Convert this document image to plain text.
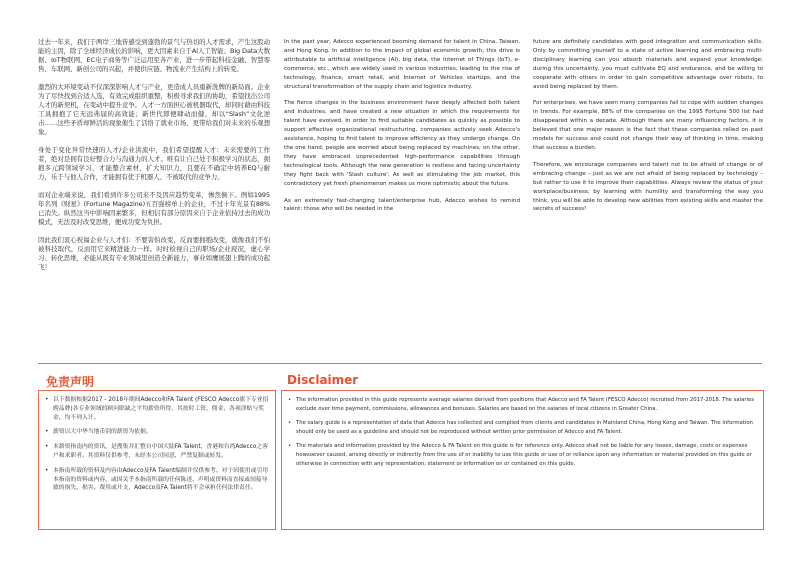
过去一年来，我们于两岸三地皆感受到蓬勃的景气与热切的人才需求，产生这股动能的主因，除了全球经济成长的影响，更大因素来自于AI人工智能、Big Data大数据、IoT物联网、EC电子商务等广泛运用至各产业，进一步带起科技金融、智慧零售、车联网、新创公司的兴起，并使供应链、物流业产生结构上的转变。

激烈的大环境变动不仅深深影响人才与产业，更造成人员重新洗牌的新局面。企业为了尽快找到合适人选，有效完成组织重整，积极寻求我们的协助，希望找出公司人才的新契机，在变动中提升竞争。人才一方面担心被机器取代，却同时藉由科技工具拥抱了它无远弗届的高效能；新世代即便肆动而健，却以“Slash”文化逆击……这些矛盾却鲜活的现象催生了活络了就业市场，更带给我们对未来的乐观想象。

身处于变化异常快速的人才/企业洪流中，我们希望提醒人才：未来需要的工作者，绝对是拥有良好整合力与沟通力的人才。唯有让自己处于积极学习的状态，拥抱多元跨领域学习，才能整合素材，扩大知识力，且要在不确定中培养EQ与耐力，乐于与他人合作，才能拥有优于机器人、不被取代的竞争力。

而对企业端来说，我们看到许多公司来不及因应趋势变革，惨然倒下。例如1995年名列《财星》(Fortune Magazine)五百强榜单上的企业，不过十年光景有88%已消失。纵然这当中影响因素繁多，但相信有部分原因来自于企业依持过去的成功模式，无法及时改变思维，便成功变为负担。

因此我们衷心祝福企业与人才们：不要害怕改变，反而要拥抱改变，就像我们不怕被科技取代，反而用它来精进能力一样。时时检视自己的职场/企业现况，虚心学习、转化思维，必能从既有专业领域里创造全新能力，事业如鹰展翅上腾的成功起飞！

In the past year, Adecco experienced booming demand for talent in China, Taiwan, and Hong Kong. In addition to the impact of global economic growth, this drive is attributable to artificial intelligence (AI), big data, the Internet of Things (IoT), e-commerce, etc., which are widely used in various industries, leading to the rise of technology, finance, smart retail, and Internet of Vehicles startups, and the structural transformation of the supply chain and logistics industry.

The fierce changes in the business environment have deeply affected both talent and industries, and have created a new situation in which the requirements for talent have evolved. In order to find suitable candidates as quickly as possible to support effective organizational restructuring, companies actively seek Adecco's assistance, hoping to find talent to improve efficiency as they undergo change. On the one hand, people are worried about being replaced by machines; on the other, they have embraced unprecedented high-performance capabilities through technological tools. Although the new generation is restless and facing uncertainty they fight back with 'Slash culture'. As well as stimulating the job market, this contradictory yet fresh phenomenon makes us more optimistic about the future.

As an extremely fast-changing talent/enterprise hub, Adecco wishes to remind talent: those who will be needed in the

future are definitely candidates with good integration and communication skills. Only by committing yourself to a state of active learning and embracing multi-disciplinary learning can you absorb materials and expand your knowledge; during this uncertainty, you must cultivate EQ and endurance, and be willing to cooperate with others in order to gain competitive advantage over robots, to avoid being replaced by them.

For enterprises, we have seen many companies fail to cope with sudden changes in trends. For example, 88% of the companies on the 1995 Fortune 500 list had disappeared within a decade. Although there are many influencing factors, it is believed that one major reason is the fact that these companies relied on past models for success and could not change their way of thinking in time, making that success a burden.

Therefore, we encourage companies and talent not to be afraid of change or of embracing change – just as we are not afraid of being replaced by technology – but rather to use it to improve their capabilities. Always review the status of your workplace/business; by learning with humility and transforming the way you think, you will be able to develop new abilities from existing skills and master the secrets of success!

免责声明	Disclaimer
• 以下数据根据2017 - 2018年期间Adecco和FA Talent (FESCO Adecco旗下专业招聘品牌)各专业领域的顾问职缺之平均薪资所得，其按时工资、佣金、各项津贴与奖金，均不列入计。
• 薪资以大中华当地币别的薪资为依据。
• 本薪资指南内的资讯，是搜集并汇整自中国大陆FA Talent，香港和台湾Adecco之客户和求职者。其资料仅供参考，未经本公司同意，严禁复制或转发。
• 本指南所载的资料及内容由Adecco及FA Talent编制并仅供参考。对于因使用或引用本指南的资料或内容，或因关乎本指南所载的任何陈述、声明或资料而直接或间接导致的损失、损害、费用或开支，Adecco及FA Talent将不会承担任何法律责任。
• The information provided in this guide represents average salaries derived from positions that Adecco and FA Talent (FESCO Adecco) recruited from 2017-2018. The salaries exclude over time payment, commissions, allowances and bonuses. Salaries are based on the salaries of local citizens in Greater China.
• The salary guide is a representation of data that Adecco has collected and complied from clients and candidates in Mainland China, Hong Kong and Taiwan. The information should only be used as a guideline and should not be reproduced without written prior permission of Adecco and FA Talent.
• The materials and information provided by the Adecco & FA Talent on this guide is for reference only. Adecco shall not be liable for any losses, damage, costs or expenses howsoever caused, arising directly or indirectly from the use of or inability to use this guide or use of or reliance upon any information or material provided on this guide or otherwise in connection with any representation, statement or information on or contained on this guide.
